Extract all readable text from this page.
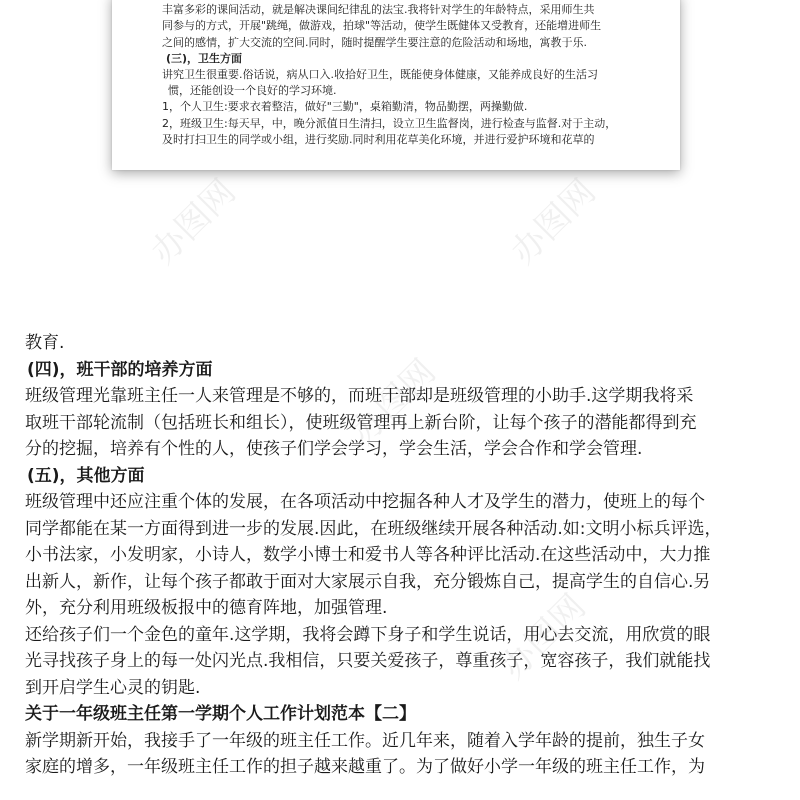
丰富多彩的课间活动，就是解决课间纪律乱的法宝.我将针对学生的年龄特点，采用师生共

同参与的方式，开展"跳绳，做游戏，拍球"等活动，使学生既健体又受教育，还能增进师生

之间的感情，扩大交流的空间.同时，随时提醒学生要注意的危险活动和场地，寓教于乐.

(三)，卫生方面

讲究卫生很重要.俗话说，病从口入.收拾好卫生，既能使身体健康，又能养成良好的生活习

惯，还能创设一个良好的学习环境.

1，个人卫生:要求衣着整洁，做好"三勤"，桌箱勤清，物品勤摆，两操勤做.

2，班级卫生:每天早，中，晚分派值日生清扫，设立卫生监督岗，进行检查与监督.对于主动，

及时打扫卫生的同学或小组，进行奖励.同时利用花草美化环境，并进行爱护环境和花草的

办图网	办图网
办图网
办图网

教育.

(四)，班干部的培养方面

班级管理光靠班主任一人来管理是不够的，而班干部却是班级管理的小助手.这学期我将采

取班干部轮流制（包括班长和组长），使班级管理再上新台阶，让每个孩子的潜能都得到充

分的挖掘，培养有个性的人，使孩子们学会学习，学会生活，学会合作和学会管理.

(五)，其他方面

班级管理中还应注重个体的发展，在各项活动中挖掘各种人才及学生的潜力，使班上的每个

同学都能在某一方面得到进一步的发展.因此，在班级继续开展各种活动.如:文明小标兵评选，

小书法家，小发明家，小诗人，数学小博士和爱书人等各种评比活动.在这些活动中，大力推

出新人，新作，让每个孩子都敢于面对大家展示自我，充分锻炼自己，提高学生的自信心.另

外，充分利用班级板报中的德育阵地，加强管理.

还给孩子们一个金色的童年.这学期，我将会蹲下身子和学生说话，用心去交流，用欣赏的眼

光寻找孩子身上的每一处闪光点.我相信，只要关爱孩子，尊重孩子，宽容孩子，我们就能找

到开启学生心灵的钥匙.

关于一年级班主任第一学期个人工作计划范本【二】

新学期新开始，我接手了一年级的班主任工作。近几年来，随着入学年龄的提前，独生子女

家庭的增多，一年级班主任工作的担子越来越重了。为了做好小学一年级的班主任工作，为
